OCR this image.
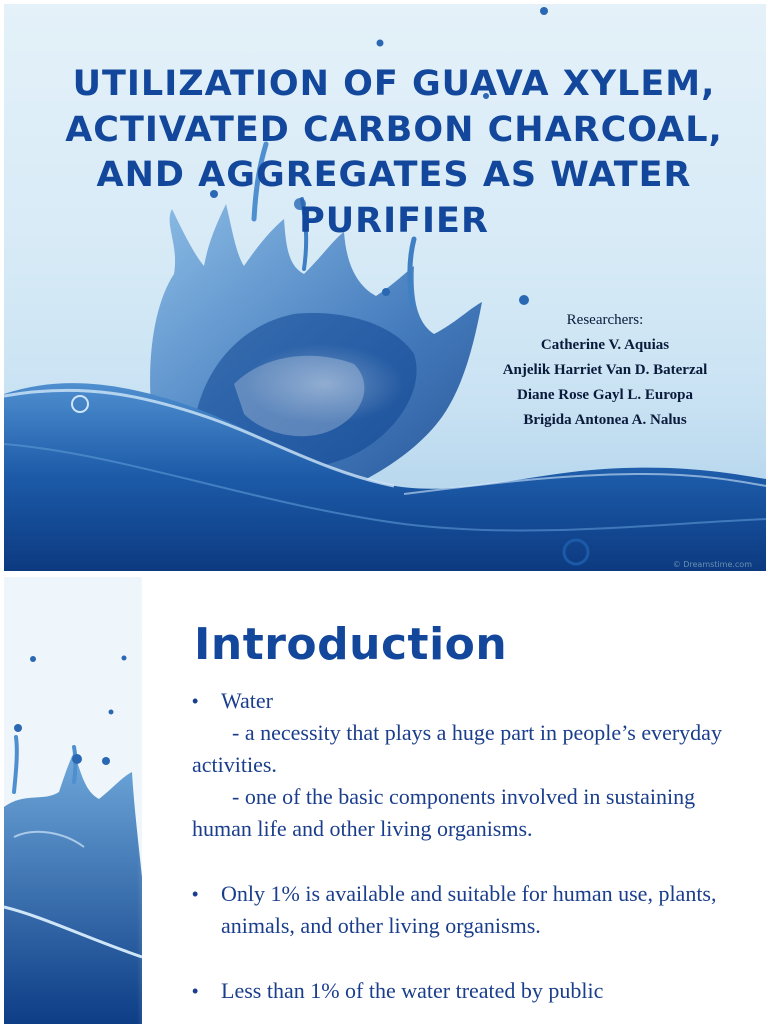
UTILIZATION OF GUAVA XYLEM, ACTIVATED CARBON CHARCOAL, AND AGGREGATES AS WATER PURIFIER
Researchers:
Catherine V. Aquias
Anjelik Harriet Van D. Baterzal
Diane Rose Gayl L. Europa
Brigida Antonea A. Nalus
© Dreamstime.com
Introduction
• Water
- a necessity that plays a huge part in people’s everyday activities.
- one of the basic components involved in sustaining human life and other living organisms.
• Only 1% is available and suitable for human use, plants, animals, and other living organisms.
• Less than 1% of the water treated by public
